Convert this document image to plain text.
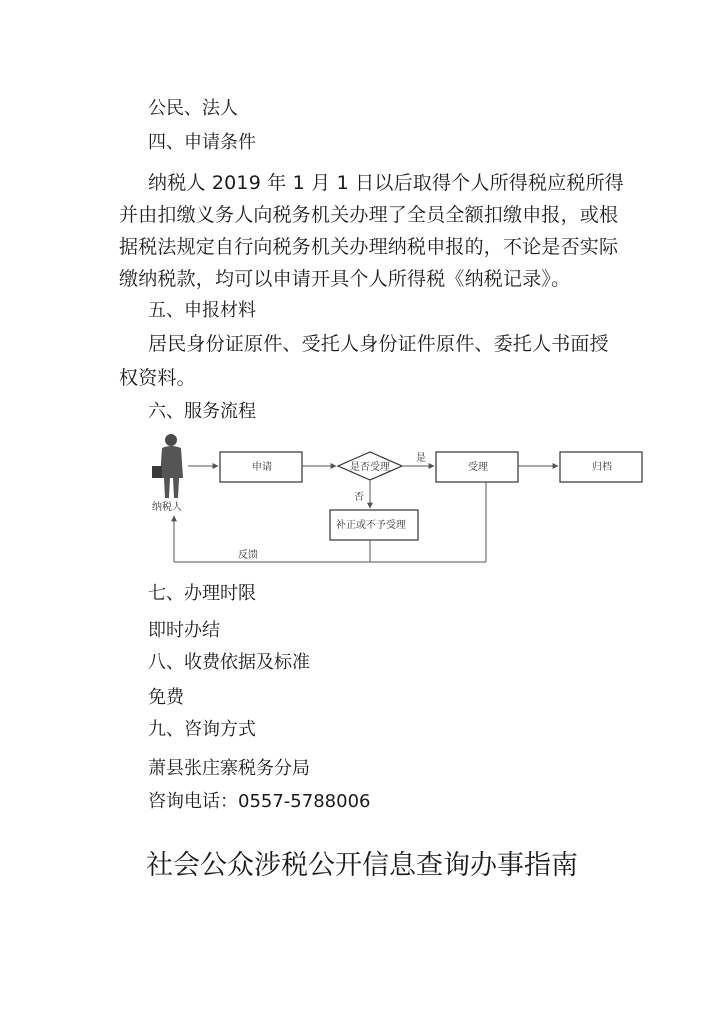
公民、法人
四、申请条件
纳税人 2019 年 1 月 1 日以后取得个人所得税应税所得
并由扣缴义务人向税务机关办理了全员全额扣缴申报，或根
据税法规定自行向税务机关办理纳税申报的，不论是否实际
缴纳税款，均可以申请开具个人所得税《纳税记录》。
五、申报材料
居民身份证原件、受托人身份证件原件、委托人书面授
权资料。
六、服务流程
纳税人
申请	是否受理
是
受理	归档
否
补正或不予受理
反馈
七、办理时限
即时办结
八、收费依据及标准
免费
九、咨询方式
萧县张庄寨税务分局
咨询电话：0557-5788006
社会公众涉税公开信息查询办事指南
